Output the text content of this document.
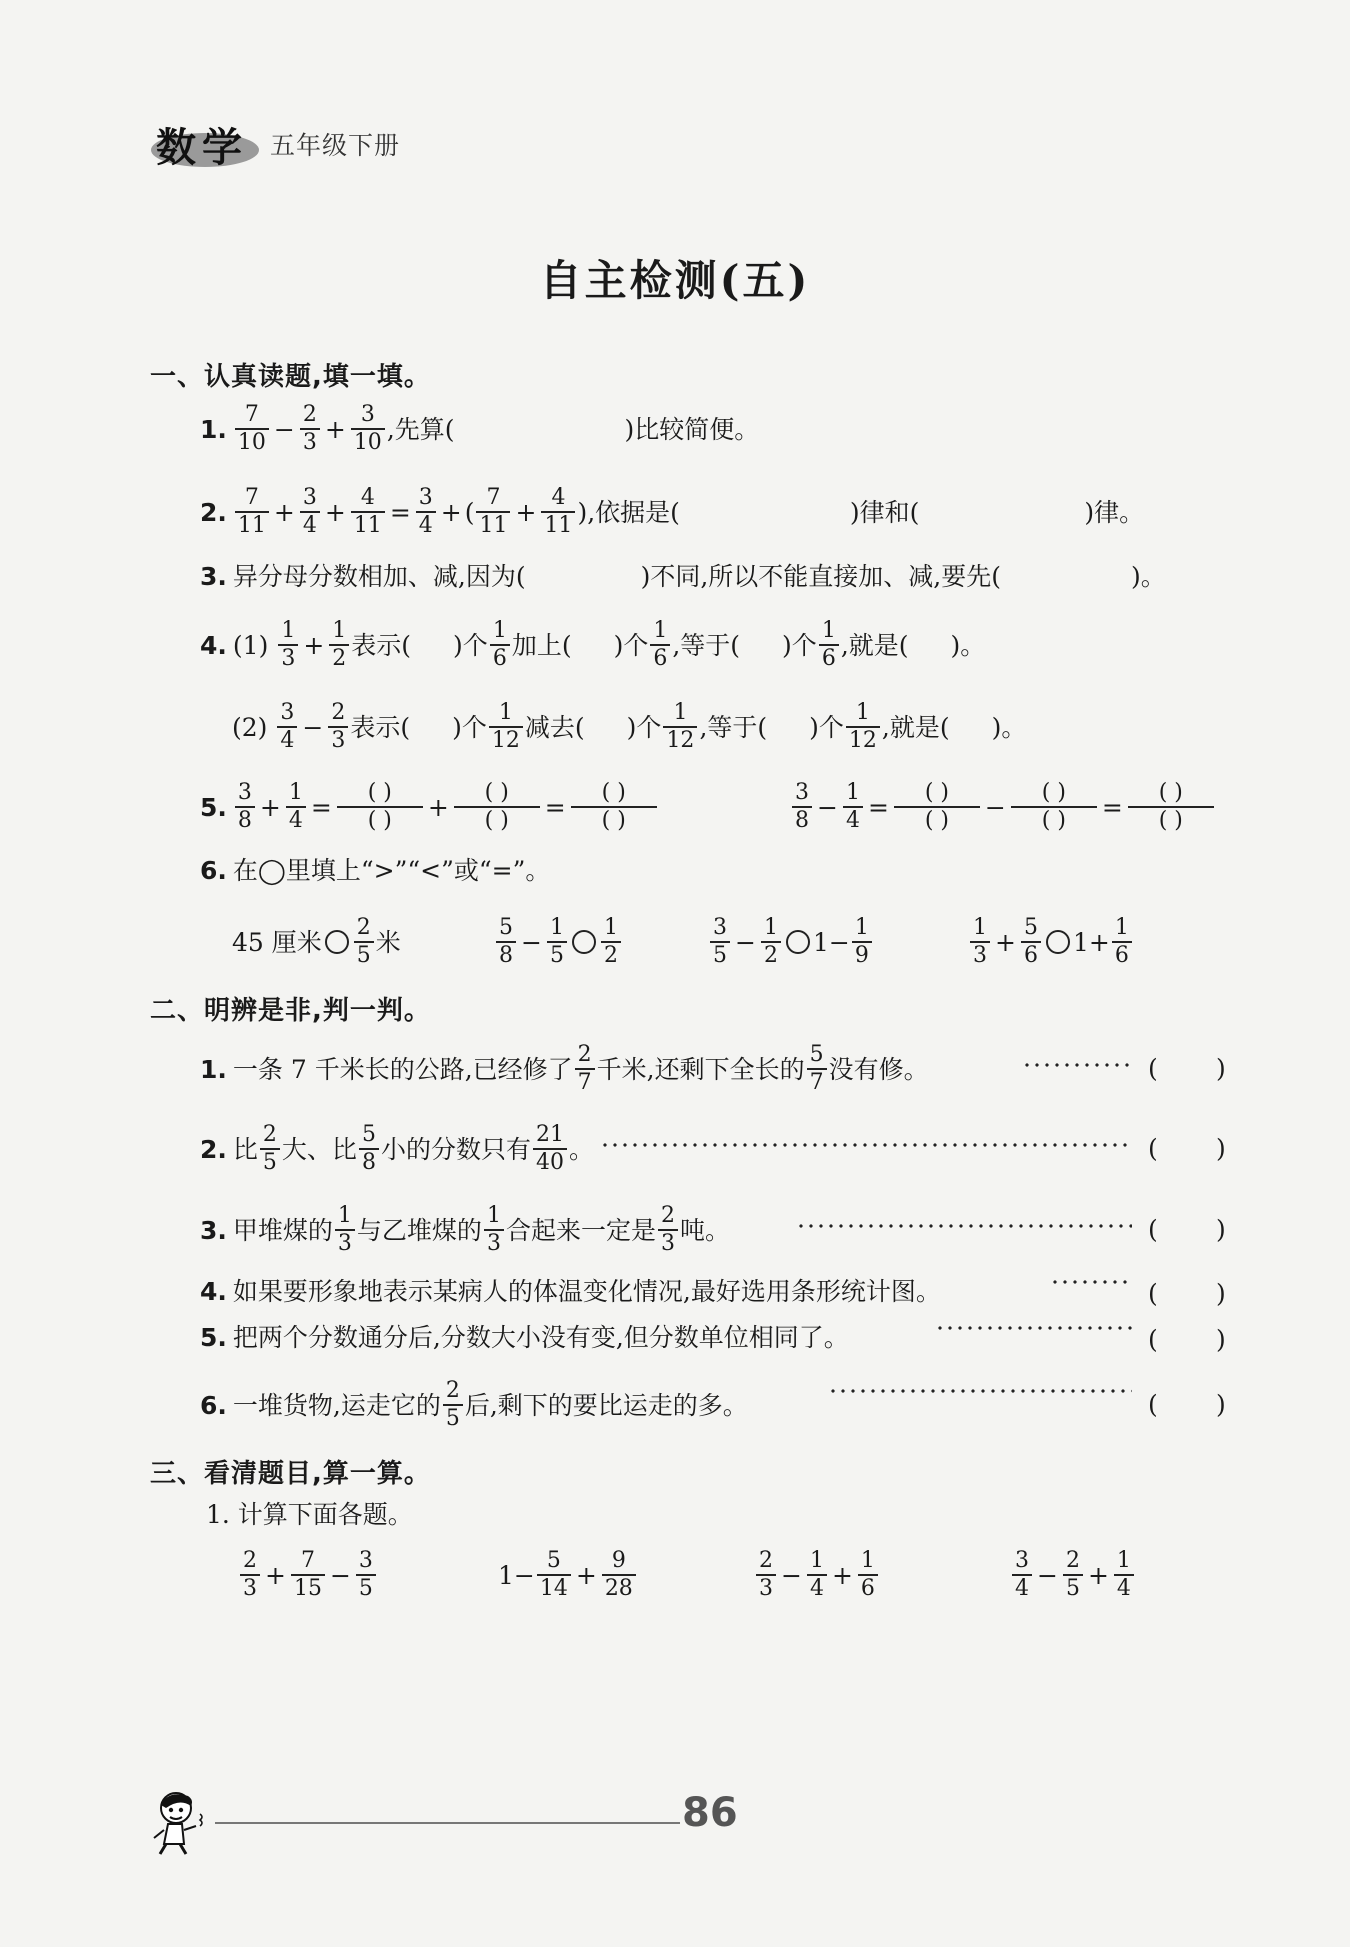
数学 五年级下册
自主检测(五)
一、认真读题,填一填。
1. $\frac{7}{10} - \frac{2}{3} + \frac{3}{10}$ ,先算(	)比较简便。
2. $\frac{7}{11} + \frac{3}{4} + \frac{4}{11} = \frac{3}{4}$ + ( $\frac{7}{11} + \frac{4}{11}$ ) ,依据是(	)律和(	)律。
3. 异分母分数相加、减,因为(	)不同,所以不能直接加、减,要先(	)。
4. $(1) \frac{1}{3} + \frac{1}{2}$ 表示( )个 $\frac{1}{6}$ 加上( )个 $\frac{1}{6}$ ,等于( )个 $\frac{1}{6}$ ,就是( )。
$(2) \frac{3}{4} - \frac{2}{3}$ 表示( )个 $\frac{1}{12}$ 减去( )个 $\frac{1}{12}$ ,等于( )个 $\frac{1}{12}$ ,就是( )。
5. $\frac{3}{8} + \frac{1}{4} = \frac{( )}{( )} + \frac{( )}{( )} = \frac{( )}{( )}$	$\frac{3}{8} - \frac{1}{4} = \frac{( )}{( )} - \frac{( )}{( )} = \frac{( )}{( )}$
6. 在◯里填上“>”“<”或“=”。
45 厘米 $\frac{2}{5}$ 米	$\frac{5}{8} - \frac{1}{5} \frac{1}{2}$	$\frac{3}{5} - \frac{1}{2} 1- \frac{1}{9}$	$\frac{1}{3} + \frac{5}{6} 1+ \frac{1}{6}$
二、明辨是非,判一判。
1. 一条 7 千米长的公路,已经修了 $\frac{2}{7}$ 千米,还剩下全长的 $\frac{5}{7}$ 没有修。	( )
2. 比 $\frac{2}{5}$ 大、比 $\frac{5}{8}$ 小的分数只有 $\frac{21}{40}$ 。	( )
3. 甲堆煤的 $\frac{1}{3}$ 与乙堆煤的 $\frac{1}{3}$ 合起来一定是 $\frac{2}{3}$ 吨。	( )
4. 如果要形象地表示某病人的体温变化情况,最好选用条形统计图。	( )
5. 把两个分数通分后,分数大小没有变,但分数单位相同了。	( )
6. 一堆货物,运走它的 $\frac{2}{5}$ 后,剩下的要比运走的多。	( )
三、看清题目,算一算。
1. 计算下面各题。
$\frac{2}{3} + \frac{7}{15} - \frac{3}{5}$	$1- \frac{5}{14} + \frac{9}{28}$	$\frac{2}{3} - \frac{1}{4} + \frac{1}{6}$	$\frac{3}{4} - \frac{2}{5} + \frac{1}{4}$
86
